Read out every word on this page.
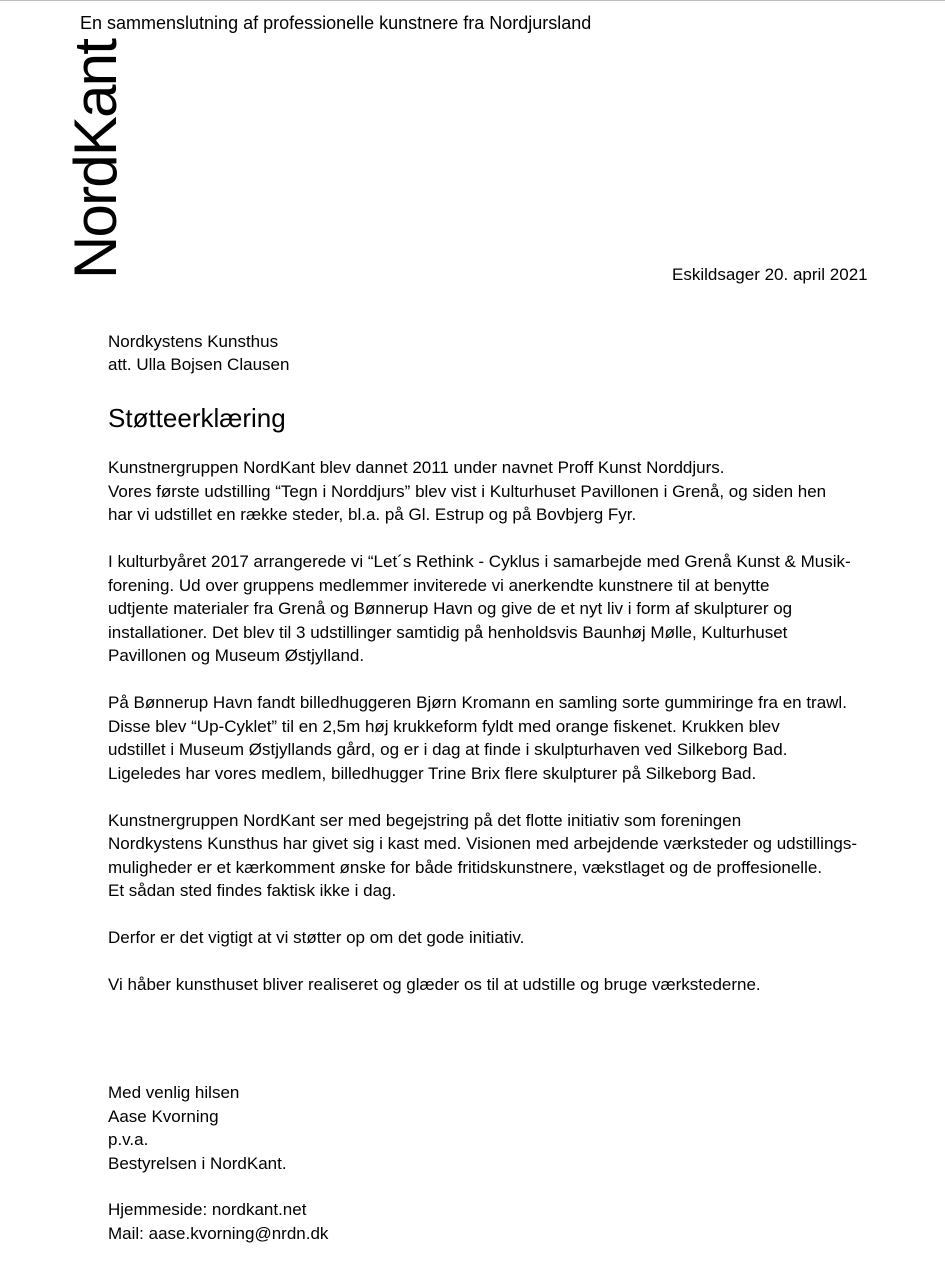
En sammenslutning af professionelle kunstnere fra Nordjursland
NordKant	Eskildsager 20. april 2021
Nordkystens Kunsthus
att. Ulla Bojsen Clausen
Støtteerklæring

Kunstnergruppen NordKant blev dannet 2011 under navnet Proff Kunst Norddjurs.
Vores første udstilling “Tegn i Norddjurs” blev vist i Kulturhuset Pavillonen i Grenå, og siden hen
har vi udstillet en række steder, bl.a. på Gl. Estrup og på Bovbjerg Fyr.

I kulturbyåret 2017 arrangerede vi “Let´s Rethink - Cyklus i samarbejde med Grenå Kunst & Musik-
forening. Ud over gruppens medlemmer inviterede vi anerkendte kunstnere til at benytte
udtjente materialer fra Grenå og Bønnerup Havn og give de et nyt liv i form af skulpturer og
installationer. Det blev til 3 udstillinger samtidig på henholdsvis Baunhøj Mølle, Kulturhuset
Pavillonen og Museum Østjylland.

På Bønnerup Havn fandt billedhuggeren Bjørn Kromann en samling sorte gummiringe fra en trawl.
Disse blev “Up-Cyklet” til en 2,5m høj krukkeform fyldt med orange fiskenet. Krukken blev
udstillet i Museum Østjyllands gård, og er i dag at finde i skulpturhaven ved Silkeborg Bad.
Ligeledes har vores medlem, billedhugger Trine Brix flere skulpturer på Silkeborg Bad.

Kunstnergruppen NordKant ser med begejstring på det flotte initiativ som foreningen
Nordkystens Kunsthus har givet sig i kast med. Visionen med arbejdende værksteder og udstillings-
muligheder er et kærkomment ønske for både fritidskunstnere, vækstlaget og de proffesionelle.
Et sådan sted findes faktisk ikke i dag.

Derfor er det vigtigt at vi støtter op om det gode initiativ.

Vi håber kunsthuset bliver realiseret og glæder os til at udstille og bruge værkstederne.

Med venlig hilsen
Aase Kvorning
p.v.a.
Bestyrelsen i NordKant.
Hjemmeside: nordkant.net
Mail: aase.kvorning@nrdn.dk
